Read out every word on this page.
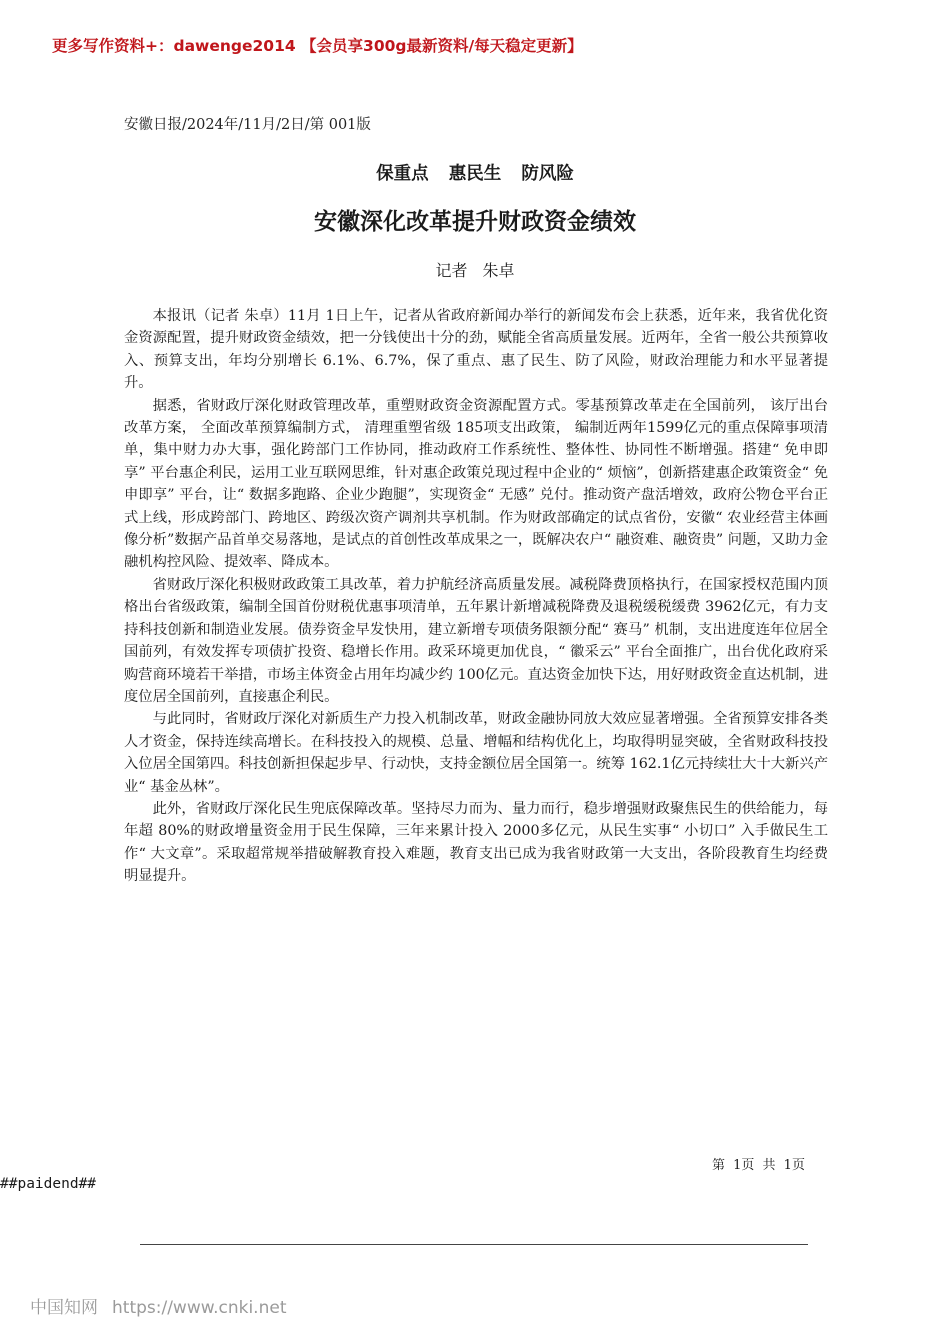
更多写作资料+：dawenge2014 【会员享300g最新资料/每天稳定更新】
安徽日报/2024年/11月/2日/第 001版
保重点 惠民生 防风险
安徽深化改革提升财政资金绩效
记者 朱卓

本报讯（记者 朱卓）11月 1日上午，记者从省政府新闻办举行的新闻发布会上获悉，近年来，我省优化资金资源配置，提升财政资金绩效，把一分钱使出十分的劲，赋能全省高质量发展。近两年，全省一般公共预算收入、预算支出，年均分别增长 6.1%、6.7%，保了重点、惠了民生、防了风险，财政治理能力和水平显著提升。

据悉，省财政厅深化财政管理改革，重塑财政资金资源配置方式。零基预算改革走在全国前列， 该厅出台改革方案， 全面改革预算编制方式， 清理重塑省级 185项支出政策， 编制近两年1599亿元的重点保障事项清单，集中财力办大事，强化跨部门工作协同，推动政府工作系统性、整体性、协同性不断增强。搭建“ 免申即享” 平台惠企利民，运用工业互联网思维，针对惠企政策兑现过程中企业的“ 烦恼”，创新搭建惠企政策资金“ 免申即享” 平台，让“ 数据多跑路、企业少跑腿”，实现资金“ 无感” 兑付。推动资产盘活增效，政府公物仓平台正式上线，形成跨部门、跨地区、跨级次资产调剂共享机制。作为财政部确定的试点省份，安徽“ 农业经营主体画像分析”数据产品首单交易落地，是试点的首创性改革成果之一，既解决农户“ 融资难、融资贵” 问题，又助力金融机构控风险、提效率、降成本。

省财政厅深化积极财政政策工具改革，着力护航经济高质量发展。减税降费顶格执行，在国家授权范围内顶格出台省级政策，编制全国首份财税优惠事项清单，五年累计新增减税降费及退税缓税缓费 3962亿元，有力支持科技创新和制造业发展。债券资金早发快用，建立新增专项债务限额分配“ 赛马” 机制，支出进度连年位居全国前列，有效发挥专项债扩投资、稳增长作用。政采环境更加优良，“ 徽采云” 平台全面推广，出台优化政府采购营商环境若干举措，市场主体资金占用年均减少约 100亿元。直达资金加快下达，用好财政资金直达机制，进度位居全国前列，直接惠企利民。

与此同时，省财政厅深化对新质生产力投入机制改革，财政金融协同放大效应显著增强。全省预算安排各类人才资金，保持连续高增长。在科技投入的规模、总量、增幅和结构优化上，均取得明显突破，全省财政科技投入位居全国第四。科技创新担保起步早、行动快，支持金额位居全国第一。统筹 162.1亿元持续壮大十大新兴产业“ 基金丛林”。

此外，省财政厅深化民生兜底保障改革。坚持尽力而为、量力而行，稳步增强财政聚焦民生的供给能力，每年超 80%的财政增量资金用于民生保障，三年来累计投入 2000多亿元，从民生实事“ 小切口” 入手做民生工作“ 大文章”。采取超常规举措破解教育投入难题，教育支出已成为我省财政第一大支出，各阶段教育生均经费明显提升。

第 1页 共 1页
##paidend##
中国知网 https://www.cnki.net
